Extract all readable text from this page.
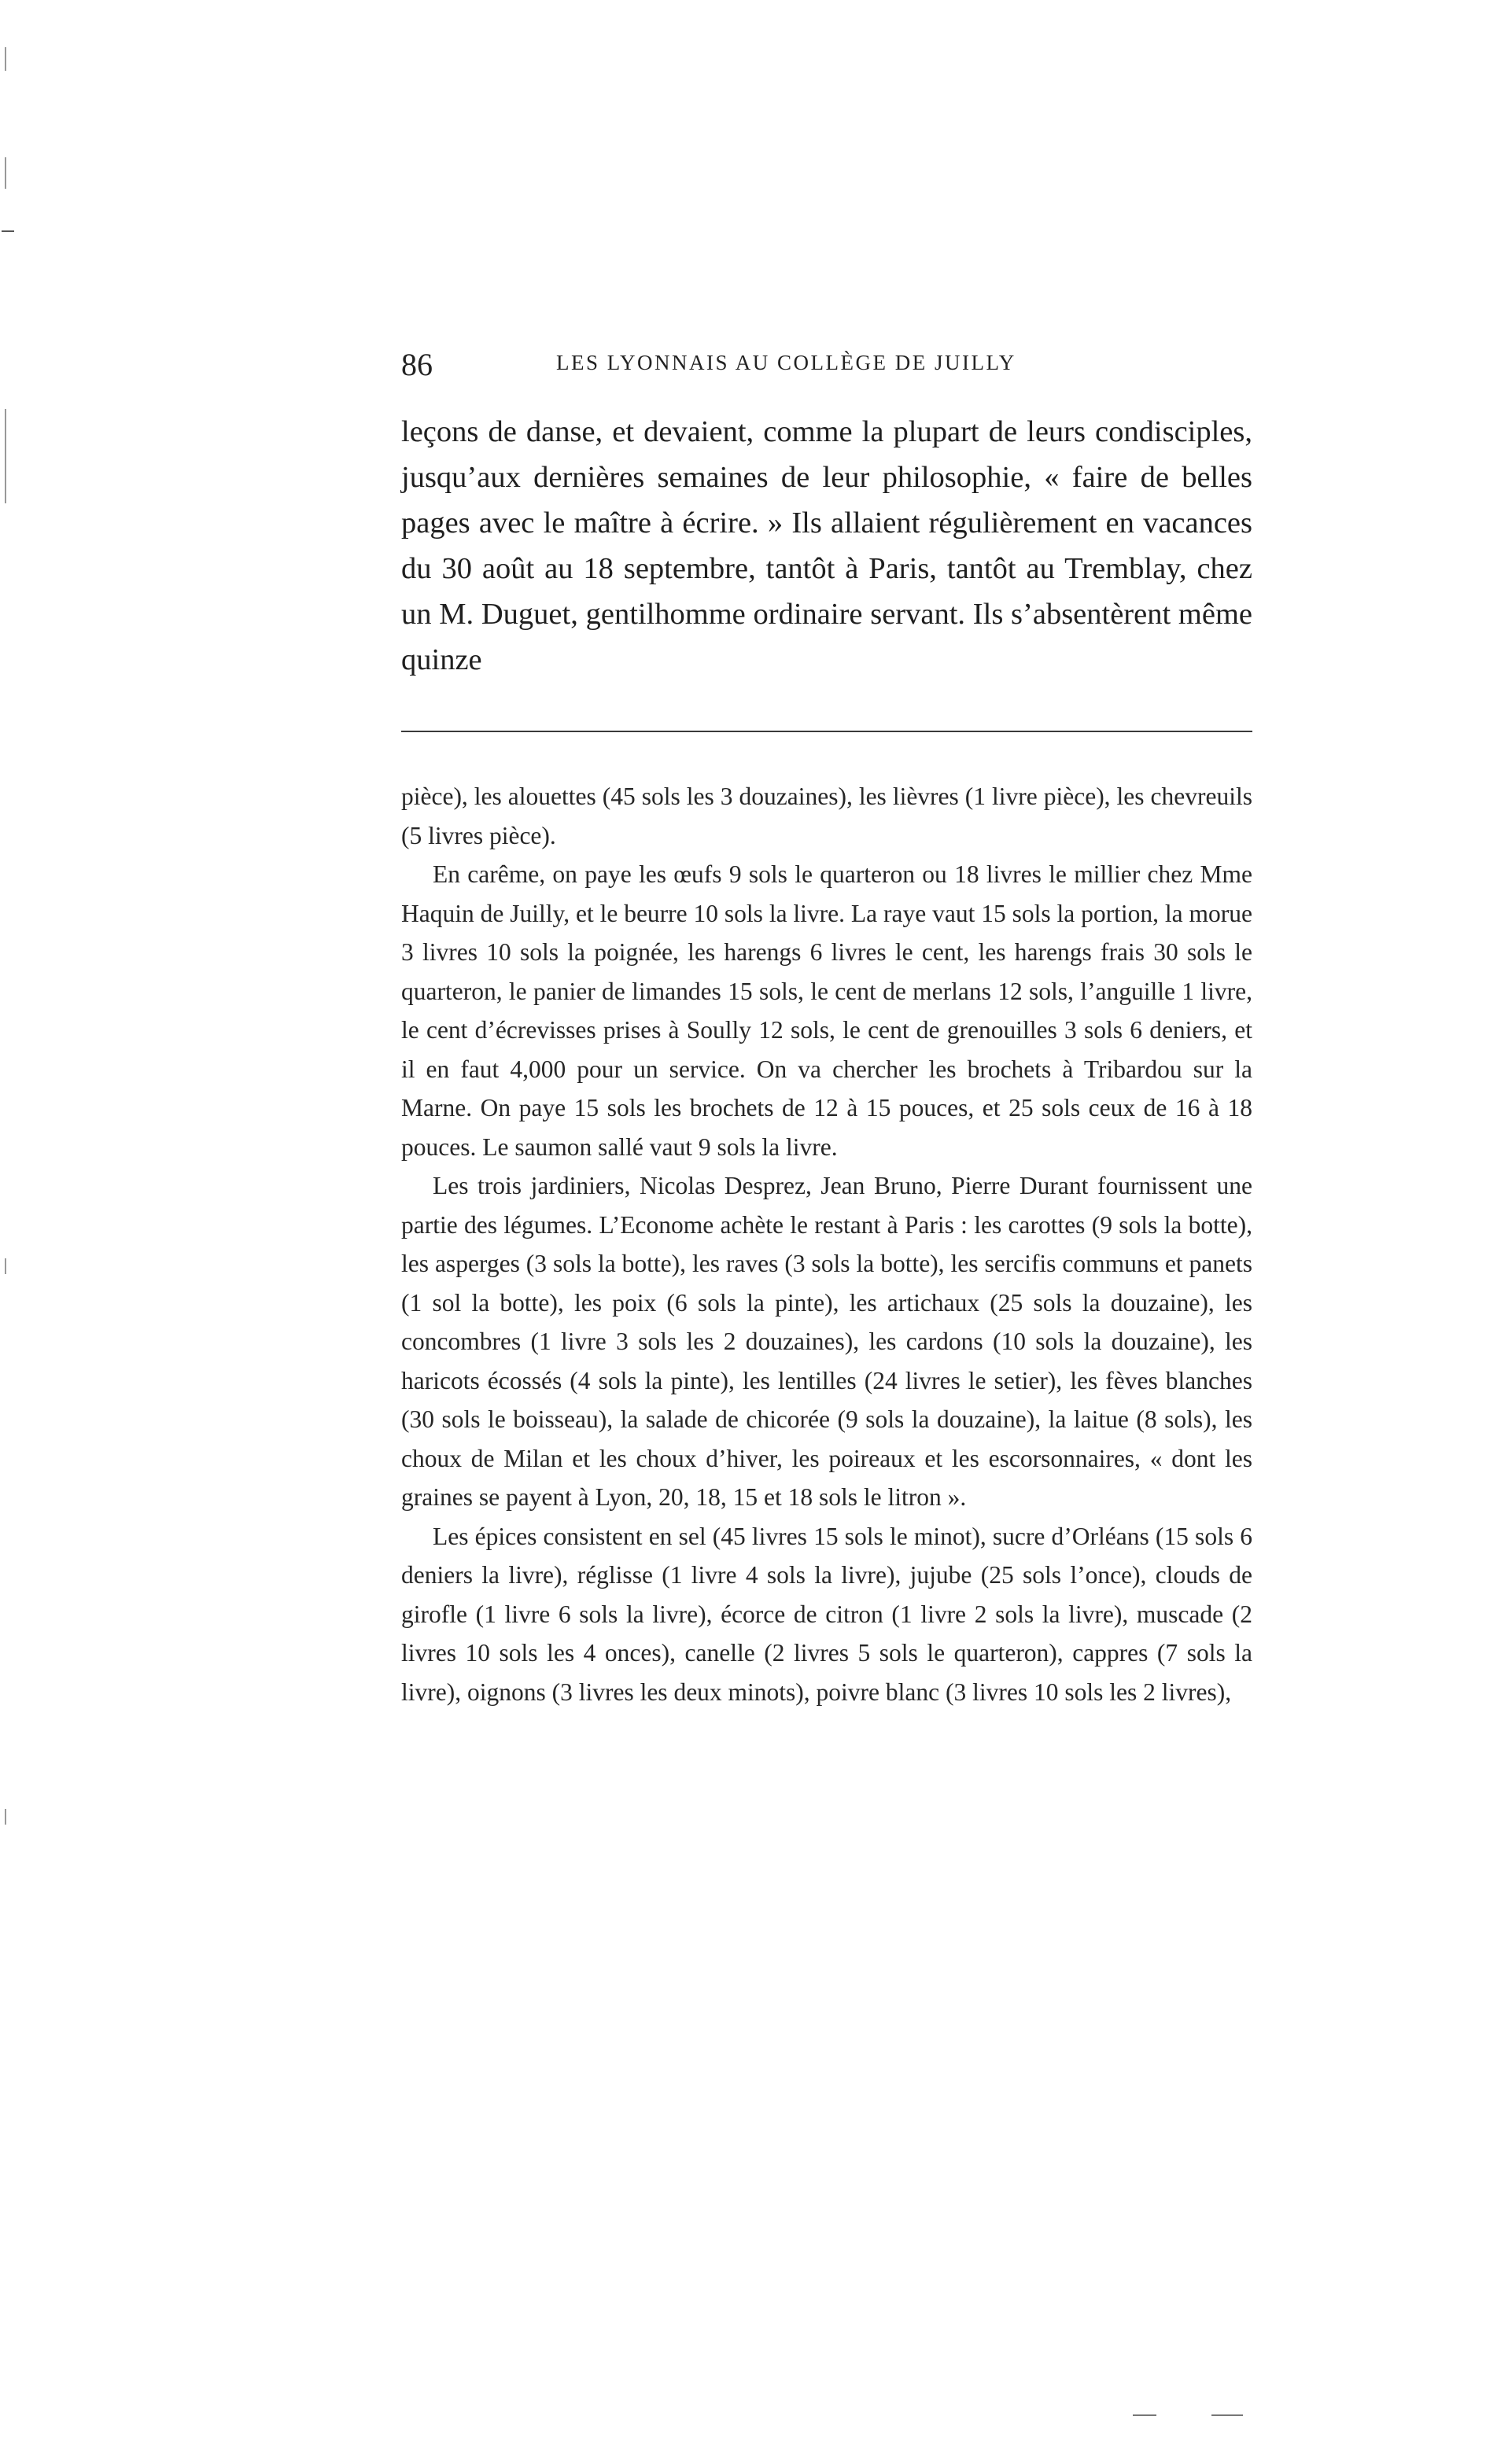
86	LES LYONNAIS AU COLLÈGE DE JUILLY

leçons de danse, et devaient, comme la plupart de leurs condisciples, jusqu’aux dernières semaines de leur philosophie, « faire de belles pages avec le maître à écrire. » Ils allaient régulièrement en vacances du 30 août au 18 septembre, tantôt à Paris, tantôt au Tremblay, chez un M. Duguet, gentilhomme ordinaire servant. Ils s’absentèrent même quinze

pièce), les alouettes (45 sols les 3 douzaines), les lièvres (1 livre pièce), les chevreuils (5 livres pièce).

En carême, on paye les œufs 9 sols le quarteron ou 18 livres le millier chez Mme Haquin de Juilly, et le beurre 10 sols la livre. La raye vaut 15 sols la portion, la morue 3 livres 10 sols la poignée, les harengs 6 livres le cent, les harengs frais 30 sols le quarteron, le panier de limandes 15 sols, le cent de merlans 12 sols, l’anguille 1 livre, le cent d’écrevisses prises à Soully 12 sols, le cent de grenouilles 3 sols 6 deniers, et il en faut 4,000 pour un service. On va chercher les brochets à Tribardou sur la Marne. On paye 15 sols les brochets de 12 à 15 pouces, et 25 sols ceux de 16 à 18 pouces. Le saumon sallé vaut 9 sols la livre.

Les trois jardiniers, Nicolas Desprez, Jean Bruno, Pierre Durant fournissent une partie des légumes. L’Econome achète le restant à Paris : les carottes (9 sols la botte), les asperges (3 sols la botte), les raves (3 sols la botte), les sercifis communs et panets (1 sol la botte), les poix (6 sols la pinte), les artichaux (25 sols la douzaine), les concombres (1 livre 3 sols les 2 douzaines), les cardons (10 sols la douzaine), les haricots écossés (4 sols la pinte), les lentilles (24 livres le setier), les fèves blanches (30 sols le boisseau), la salade de chicorée (9 sols la douzaine), la laitue (8 sols), les choux de Milan et les choux d’hiver, les poireaux et les escorsonnaires, « dont les graines se payent à Lyon, 20, 18, 15 et 18 sols le litron ».

Les épices consistent en sel (45 livres 15 sols le minot), sucre d’Orléans (15 sols 6 deniers la livre), réglisse (1 livre 4 sols la livre), jujube (25 sols l’once), clouds de girofle (1 livre 6 sols la livre), écorce de citron (1 livre 2 sols la livre), muscade (2 livres 10 sols les 4 onces), canelle (2 livres 5 sols le quarteron), cappres (7 sols la livre), oignons (3 livres les deux minots), poivre blanc (3 livres 10 sols les 2 livres),
